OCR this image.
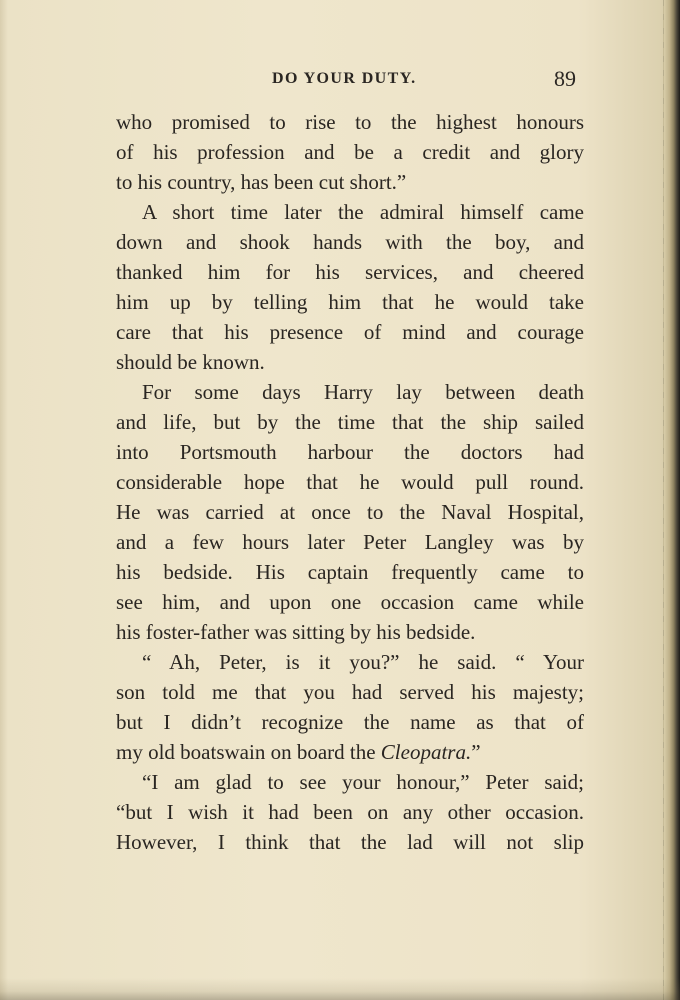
DO YOUR DUTY.	89
who promised to rise to the highest honours
of his profession and be a credit and glory
to his country, has been cut short.”
A short time later the admiral himself came
down and shook hands with the boy, and
thanked him for his services, and cheered
him up by telling him that he would take
care that his presence of mind and courage
should be known.
For some days Harry lay between death
and life, but by the time that the ship sailed
into Portsmouth harbour the doctors had
considerable hope that he would pull round.
He was carried at once to the Naval Hospital,
and a few hours later Peter Langley was by
his bedside. His captain frequently came to
see him, and upon one occasion came while
his foster-father was sitting by his bedside.
“ Ah, Peter, is it you?” he said. “ Your
son told me that you had served his majesty;
but I didn’t recognize the name as that of
my old boatswain on board the Cleopatra.”
“I am glad to see your honour,” Peter said;
“but I wish it had been on any other occasion.
However, I think that the lad will not slip
